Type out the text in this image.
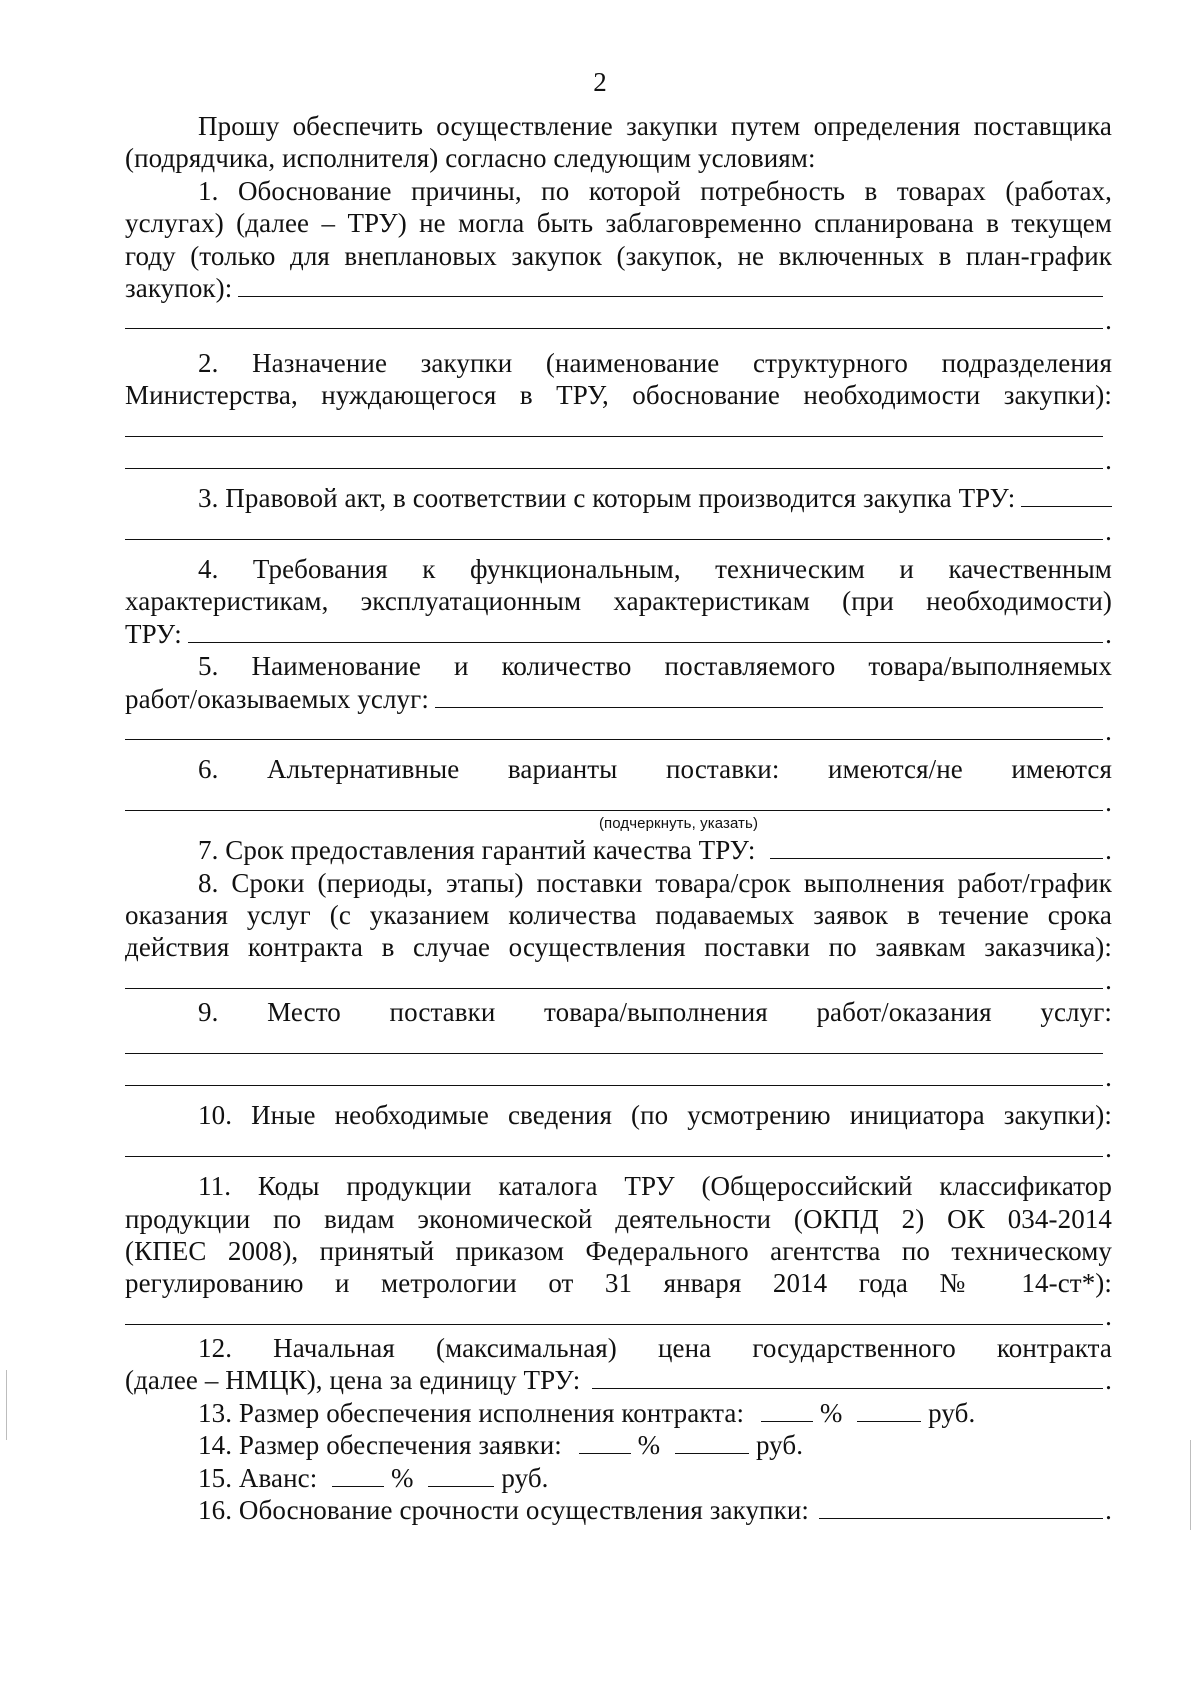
2
Прошу обеспечить осуществление закупки путем определения поставщика
(подрядчика, исполнителя) согласно следующим условиям:
1. Обоснование причины, по которой потребность в товарах (работах,
услугах) (далее – ТРУ) не могла быть заблаговременно спланирована в текущем
году (только для внеплановых закупок (закупок, не включенных в план-график
закупок):
.
2. Назначение закупки (наименование структурного подразделения
Министерства, нуждающегося в ТРУ, обоснование необходимости закупки):
.
3. Правовой акт, в соответствии с которым производится закупка ТРУ:
.
4. Требования к функциональным, техническим и качественным
характеристикам, эксплуатационным характеристикам (при необходимости)
ТРУ:	.
5. Наименование и количество поставляемого товара/выполняемых
работ/оказываемых услуг:
.
6. Альтернативные варианты поставки: имеются/не имеются
.
(подчеркнуть, указать)
7. Срок предоставления гарантий качества ТРУ:	.
8. Сроки (периоды, этапы) поставки товара/срок выполнения работ/график
оказания услуг (с указанием количества подаваемых заявок в течение срока
действия контракта в случае осуществления поставки по заявкам заказчика):
.
9. Место поставки товара/выполнения работ/оказания услуг:
.
10. Иные необходимые сведения (по усмотрению инициатора закупки):
.
11. Коды продукции каталога ТРУ (Общероссийский классификатор
продукции по видам экономической деятельности (ОКПД 2) ОК 034-2014
(КПЕС 2008), принятый приказом Федерального агентства по техническому
регулированию и метрологии от 31 января 2014 года № 14-ст*):
.
12. Начальная (максимальная) цена государственного контракта
(далее – НМЦК), цена за единицу ТРУ:	.
13. Размер обеспечения исполнения контракта:	%	руб.
14. Размер обеспечения заявки:	%	руб.
15. Аванс:	%	руб.
16. Обоснование срочности осуществления закупки:	.
